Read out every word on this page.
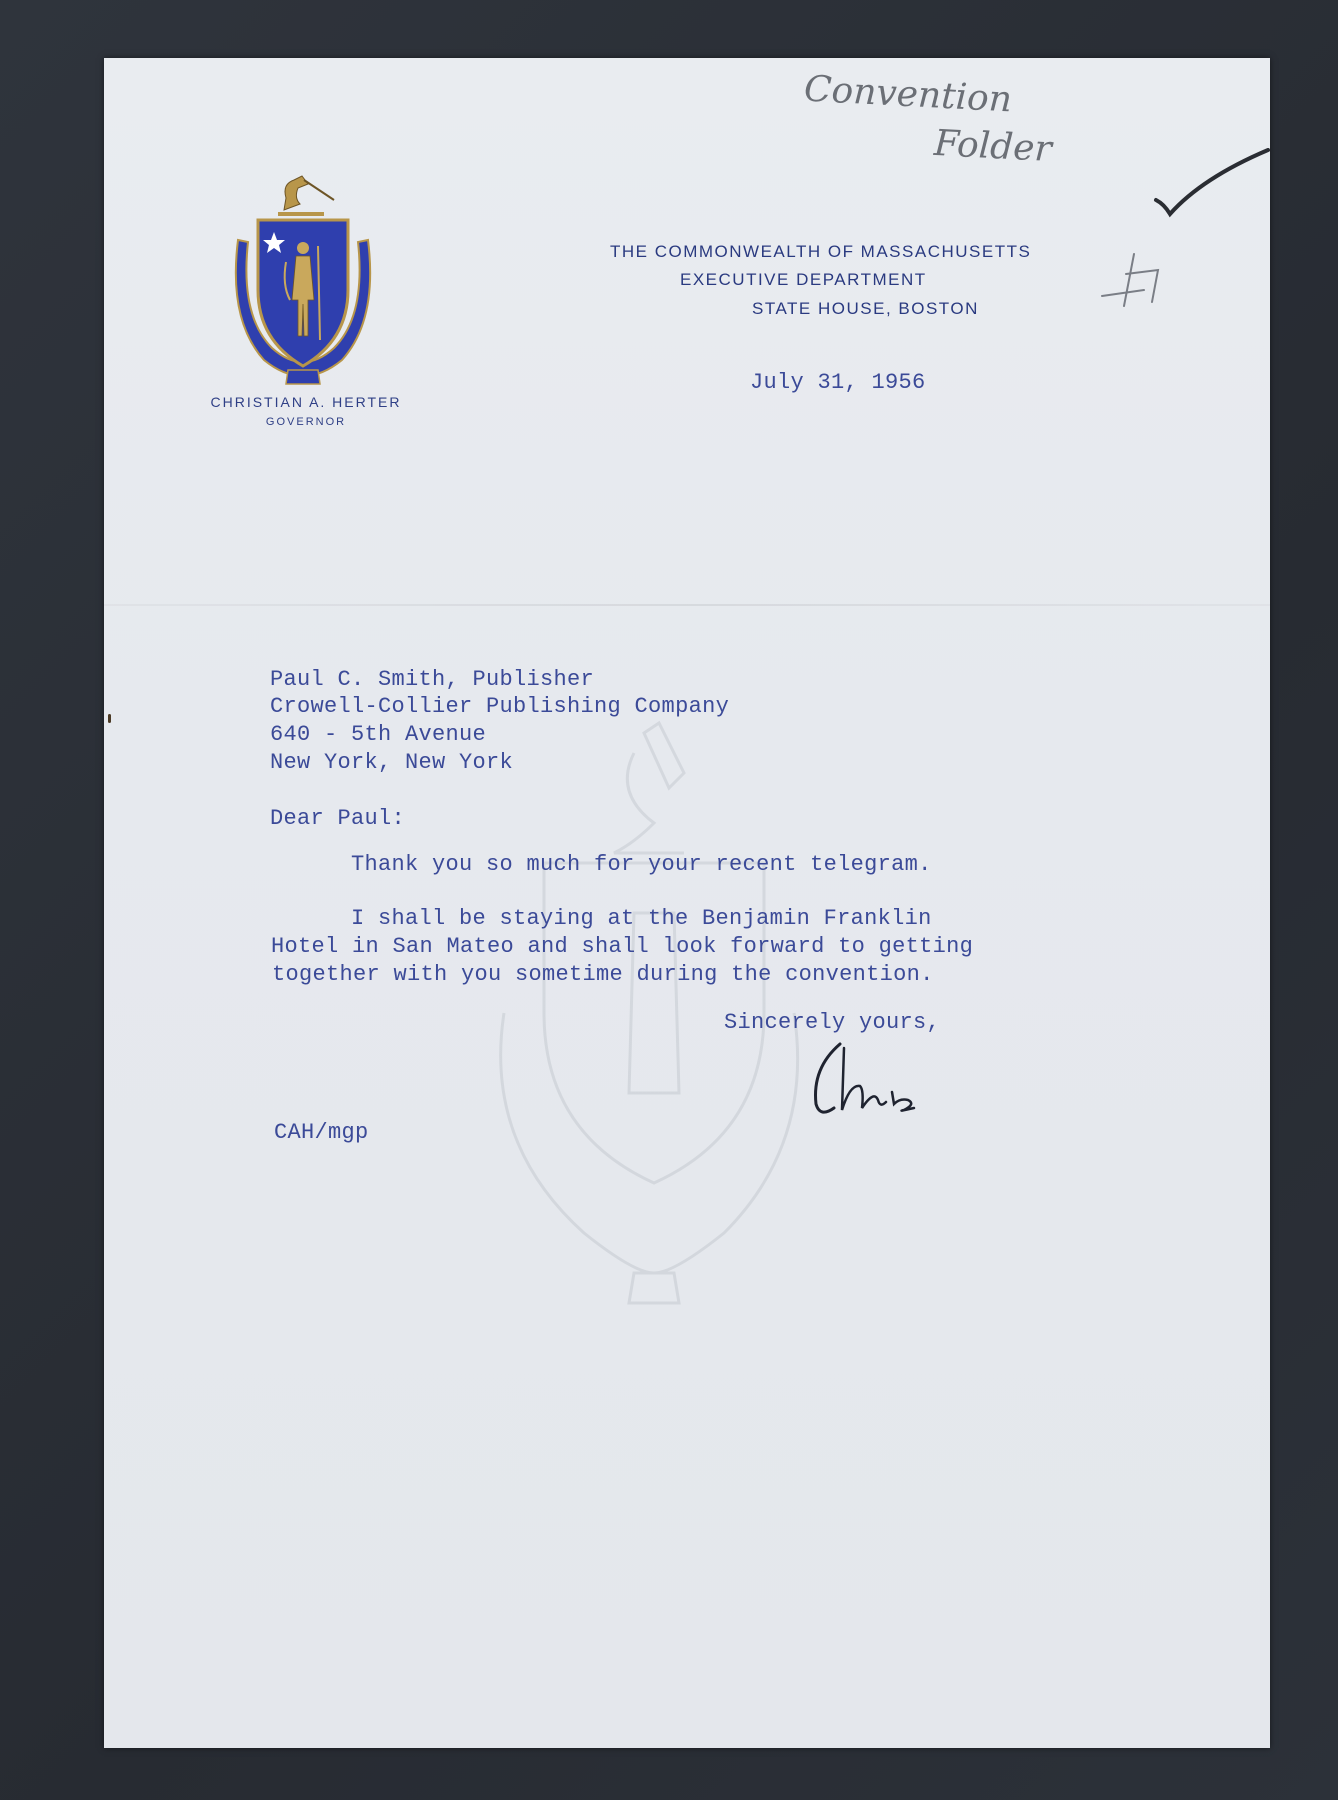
CHRISTIAN A. HERTER
GOVERNOR
THE COMMONWEALTH OF MASSACHUSETTS
EXECUTIVE DEPARTMENT
STATE HOUSE, BOSTON
Convention
Folder
July 31, 1956
Paul C. Smith, Publisher
Crowell-Collier Publishing Company
640 - 5th Avenue
New York, New York
Dear Paul:
Thank you so much for your recent telegram.
I shall be staying at the Benjamin Franklin
Hotel in San Mateo and shall look forward to getting
together with you sometime during the convention.
Sincerely yours,
CAH/mgp
